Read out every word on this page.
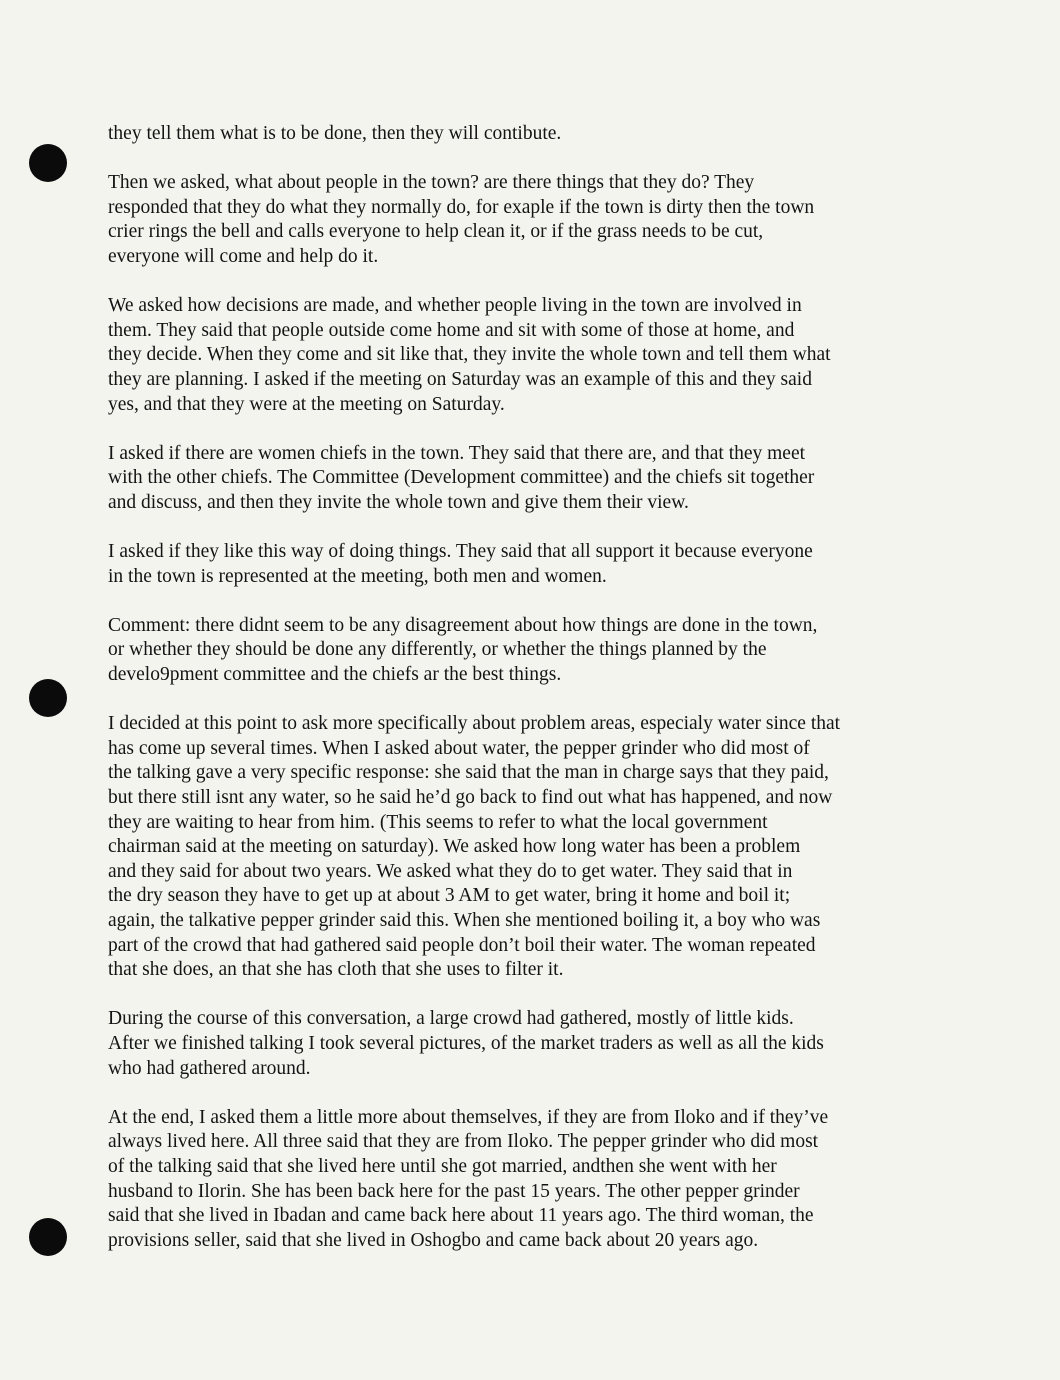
they tell them what is to be done, then they will contibute.

Then we asked, what about people in the town? are there things that they do? They
responded that they do what they normally do, for exaple if the town is dirty then the town
crier rings the bell and calls everyone to help clean it, or if the grass needs to be cut,
everyone will come and help do it.

We asked how decisions are made, and whether people living in the town are involved in
them. They said that people outside come home and sit with some of those at home, and
they decide. When they come and sit like that, they invite the whole town and tell them what
they are planning. I asked if the meeting on Saturday was an example of this and they said
yes, and that they were at the meeting on Saturday.

I asked if there are women chiefs in the town. They said that there are, and that they meet
with the other chiefs. The Committee (Development committee) and the chiefs sit together
and discuss, and then they invite the whole town and give them their view.

I asked if they like this way of doing things. They said that all support it because everyone
in the town is represented at the meeting, both men and women.

Comment: there didnt seem to be any disagreement about how things are done in the town,
or whether they should be done any differently, or whether the things planned by the
develo9pment committee and the chiefs ar the best things.

I decided at this point to ask more specifically about problem areas, especialy water since that
has come up several times. When I asked about water, the pepper grinder who did most of
the talking gave a very specific response: she said that the man in charge says that they paid,
but there still isnt any water, so he said he’d go back to find out what has happened, and now
they are waiting to hear from him. (This seems to refer to what the local government
chairman said at the meeting on saturday). We asked how long water has been a problem
and they said for about two years. We asked what they do to get water. They said that in
the dry season they have to get up at about 3 AM to get water, bring it home and boil it;
again, the talkative pepper grinder said this. When she mentioned boiling it, a boy who was
part of the crowd that had gathered said people don’t boil their water. The woman repeated
that she does, an that she has cloth that she uses to filter it.

During the course of this conversation, a large crowd had gathered, mostly of little kids.
After we finished talking I took several pictures, of the market traders as well as all the kids
who had gathered around.

At the end, I asked them a little more about themselves, if they are from Iloko and if they’ve
always lived here. All three said that they are from Iloko. The pepper grinder who did most
of the talking said that she lived here until she got married, andthen she went with her
husband to Ilorin. She has been back here for the past 15 years. The other pepper grinder
said that she lived in Ibadan and came back here about 11 years ago. The third woman, the
provisions seller, said that she lived in Oshogbo and came back about 20 years ago.
